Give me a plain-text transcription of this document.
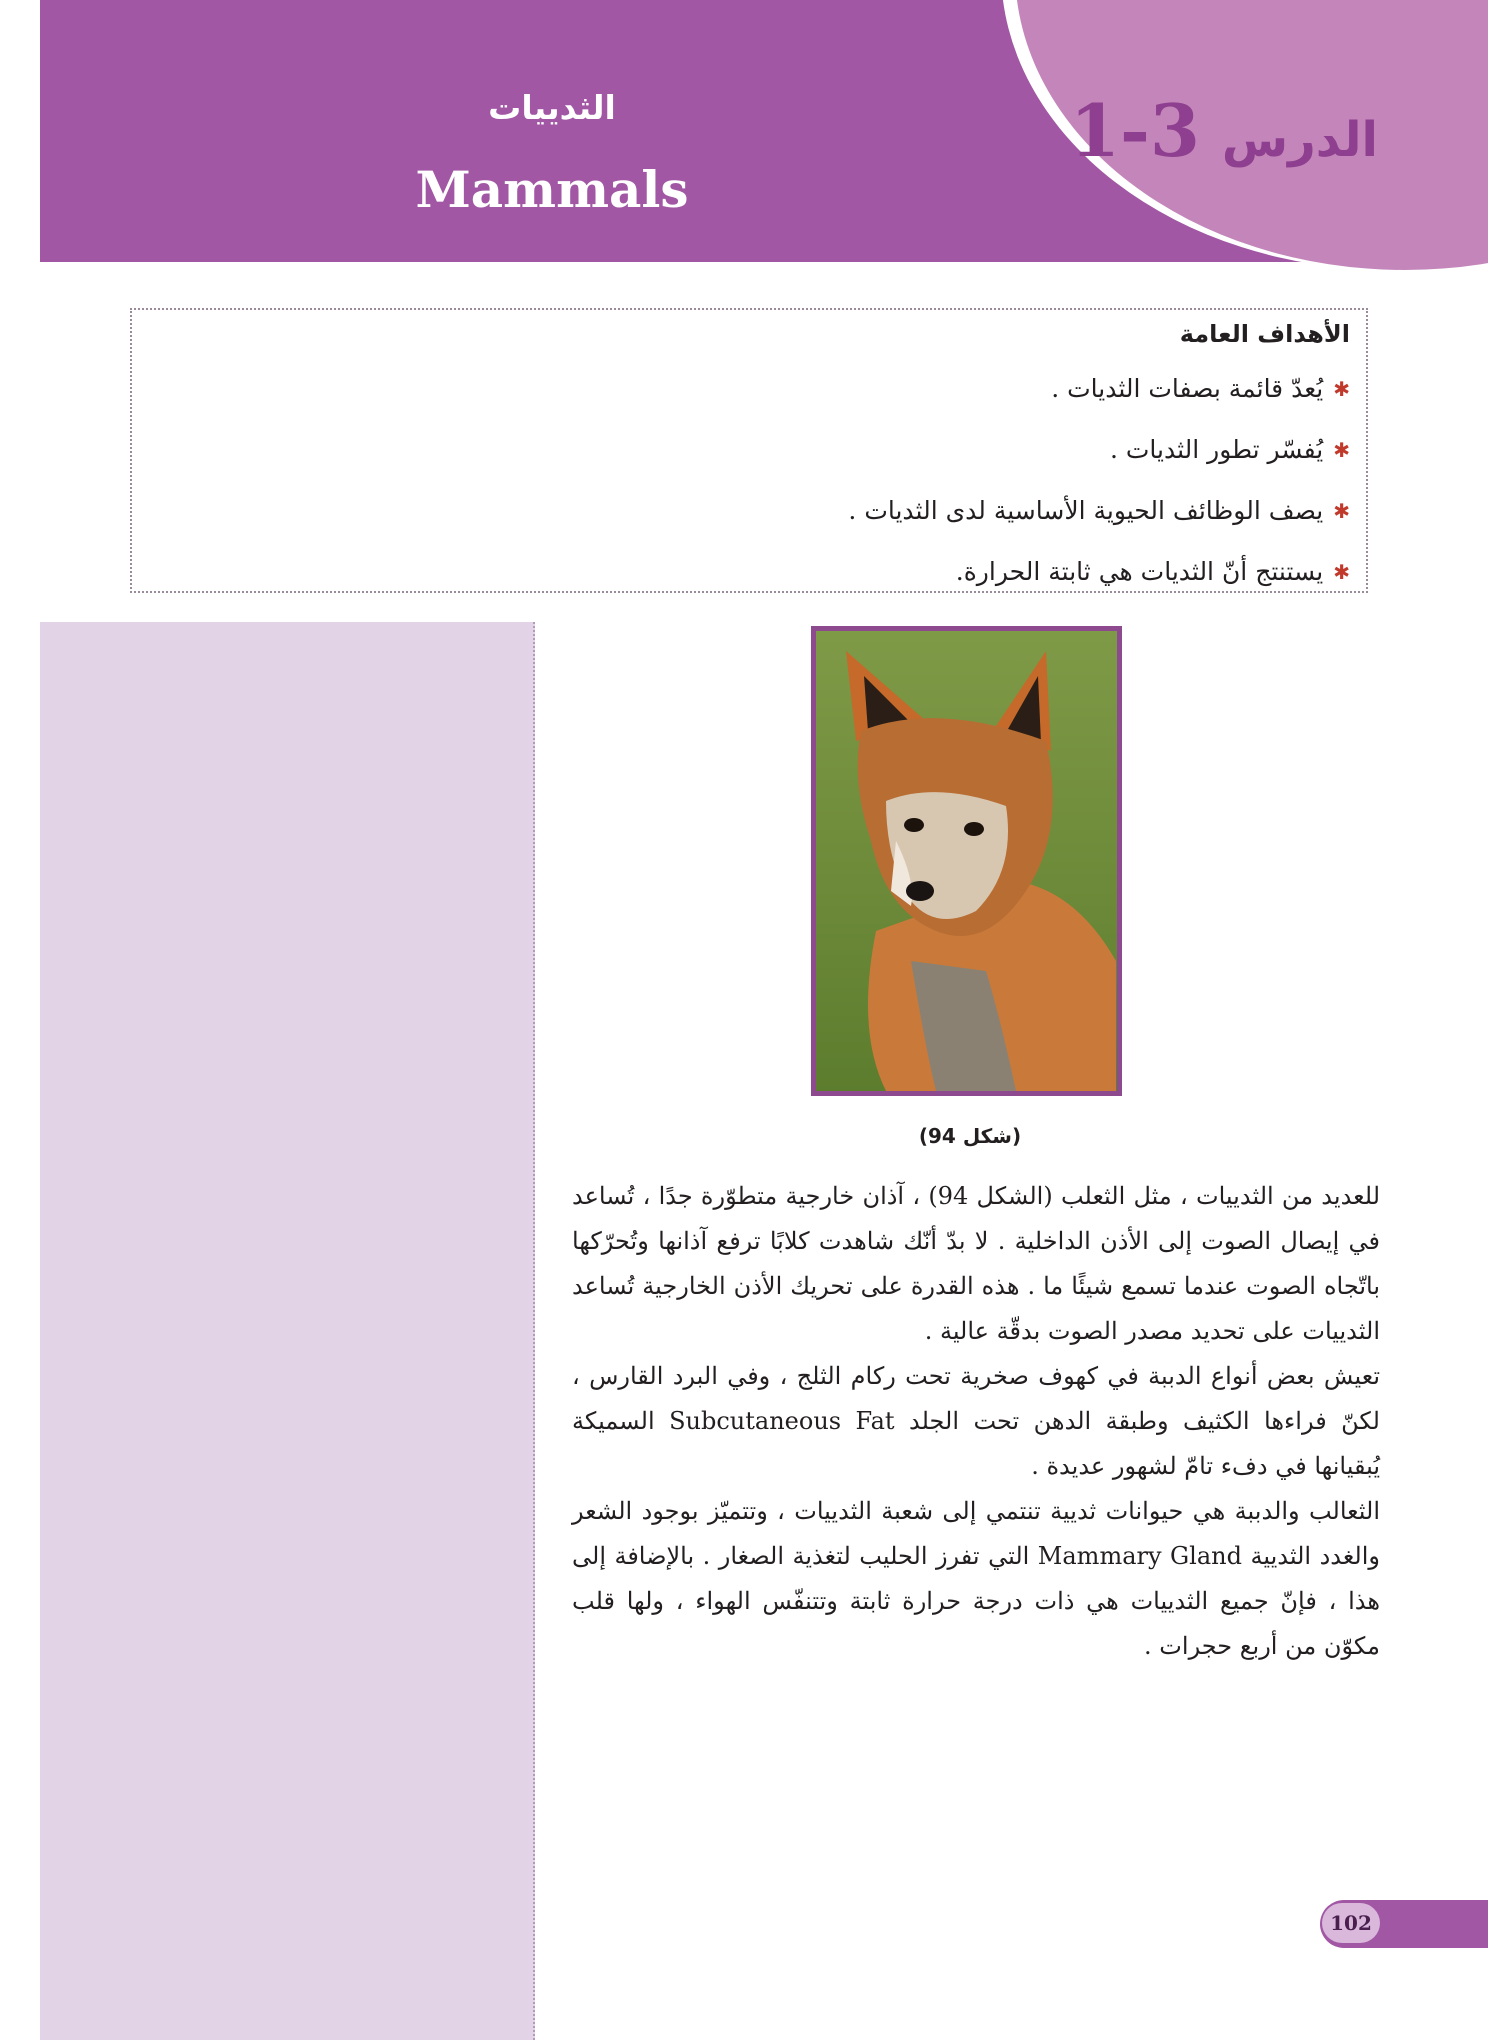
الدرس
1-3
الثدييات
Mammals
الأهداف العامة
✱
يُعدّ قائمة بصفات الثديات .
✱
يُفسّر تطور الثديات .
✱
يصف الوظائف الحيوية الأساسية لدى الثديات .
✱
يستنتج أنّ الثديات هي ثابتة الحرارة.
(شكل 94)

للعديد من الثدييات ، مثل الثعلب (الشكل 94) ، آذان خارجية متطوّرة جدًا ، تُساعد في إيصال الصوت إلى الأذن الداخلية . لا بدّ أنّك شاهدت كلابًا ترفع آذانها وتُحرّكها باتّجاه الصوت عندما تسمع شيئًا ما . هذه القدرة على تحريك الأذن الخارجية تُساعد الثدييات على تحديد مصدر الصوت بدقّة عالية .

تعيش بعض أنواع الدببة في كهوف صخرية تحت ركام الثلج ، وفي البرد القارس ، لكنّ فراءها الكثيف وطبقة الدهن تحت الجلد Subcutaneous Fat السميكة يُبقيانها في دفء تامّ لشهور عديدة .

الثعالب والدببة هي حيوانات ثديية تنتمي إلى شعبة الثدييات ، وتتميّز بوجود الشعر والغدد الثديية Mammary Gland التي تفرز الحليب لتغذية الصغار . بالإضافة إلى هذا ، فإنّ جميع الثدييات هي ذات درجة حرارة ثابتة وتتنفّس الهواء ، ولها قلب مكوّن من أربع حجرات .

102
